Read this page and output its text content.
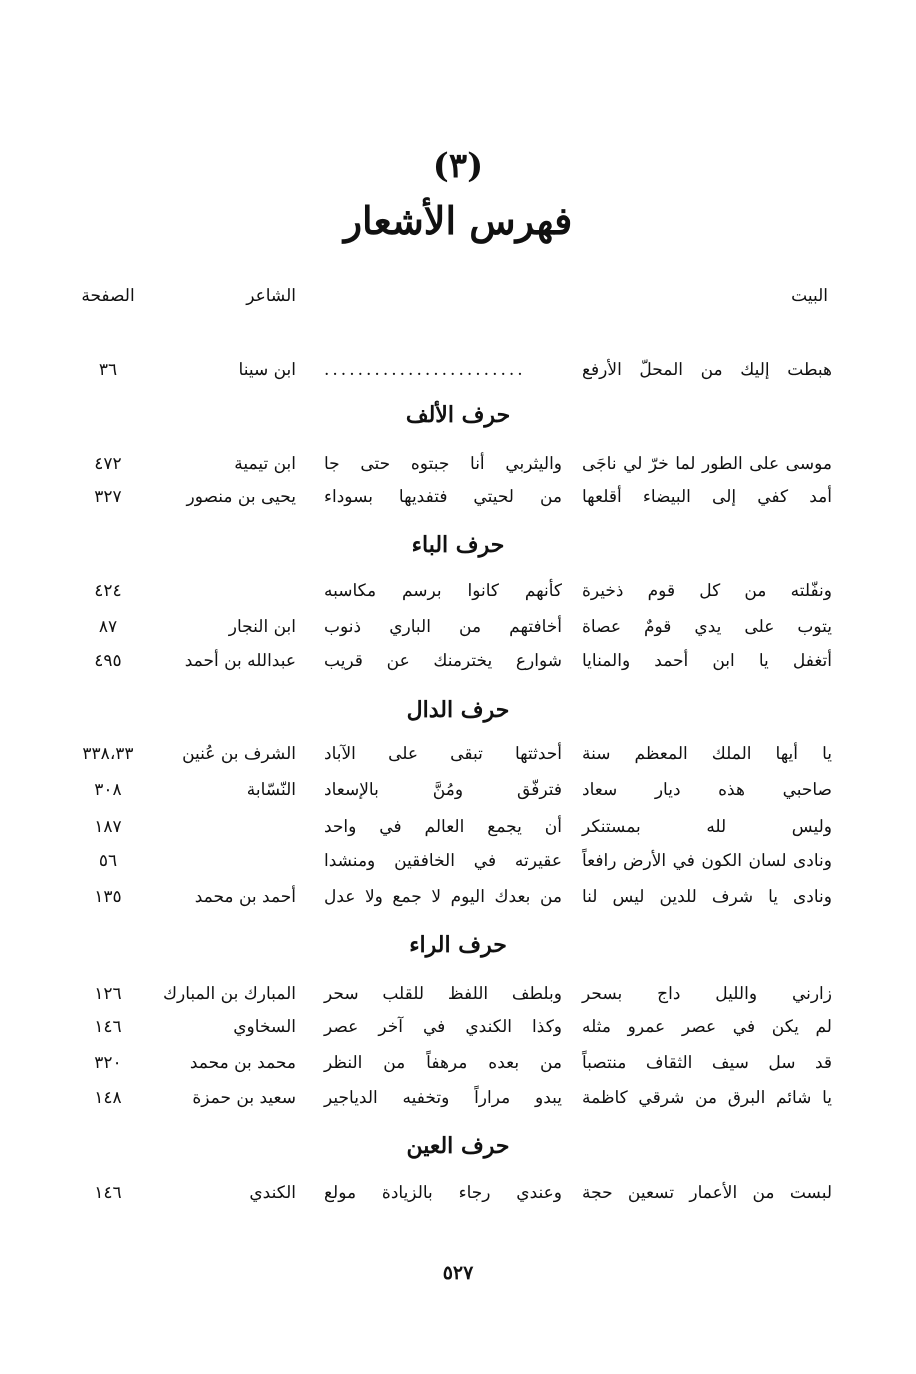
(٣)
فهرس الأشعار
البيت
الشاعر
الصفحة
هبطت إليك من المحلّ الأرفع
........................
ابن سينا
٣٦
حرف الألف
موسى على الطور لما خرّ لي ناجَى
واليثربي أنا جبتوه حتى جا
ابن تيمية
٤٧٢
أمد كفي إلى البيضاء أقلعها
من لحيتي فتفديها بسوداء
يحيى بن منصور
٣٢٧
حرف الباء
ونفّلته من كل قوم ذخيرة
كأنهم كانوا برسم مكاسبه
٤٢٤
يتوب على يدي قومٌ عصاة
أخافتهم من الباري ذنوب
ابن النجار
٨٧
أتغفل يا ابن أحمد والمنايا
شوارع يخترمنك عن قريب
عبدالله بن أحمد
٤٩٥
حرف الدال
يا أيها الملك المعظم سنة
أحدثتها تبقى على الآباد
الشرف بن عُنين
٣٣٨،٣٣
صاحبي هذه ديار سعاد
فترفّق ومُنَّ بالإسعاد
النّسّابة
٣٠٨
وليس لله بمستنكر
أن يجمع العالم في واحد
١٨٧
ونادى لسان الكون في الأرض رافعاً
عقيرته في الخافقين ومنشدا
٥٦
ونادى يا شرف للدين ليس لنا
من بعدك اليوم لا جمع ولا عدل
أحمد بن محمد
١٣٥
حرف الراء
زارني والليل داج بسحر
وبلطف اللفظ للقلب سحر
المبارك بن المبارك
١٢٦
لم يكن في عصر عمرو مثله
وكذا الكندي في آخر عصر
السخاوي
١٤٦
قد سل سيف الثقاف منتصباً
من بعده مرهفاً من النظر
محمد بن محمد
٣٢٠
يا شائم البرق من شرقي كاظمة
يبدو مراراً وتخفيه الدياجير
سعيد بن حمزة
١٤٨
حرف العين
لبست من الأعمار تسعين حجة
وعندي رجاء بالزيادة مولع
الكندي
١٤٦
٥٢٧
